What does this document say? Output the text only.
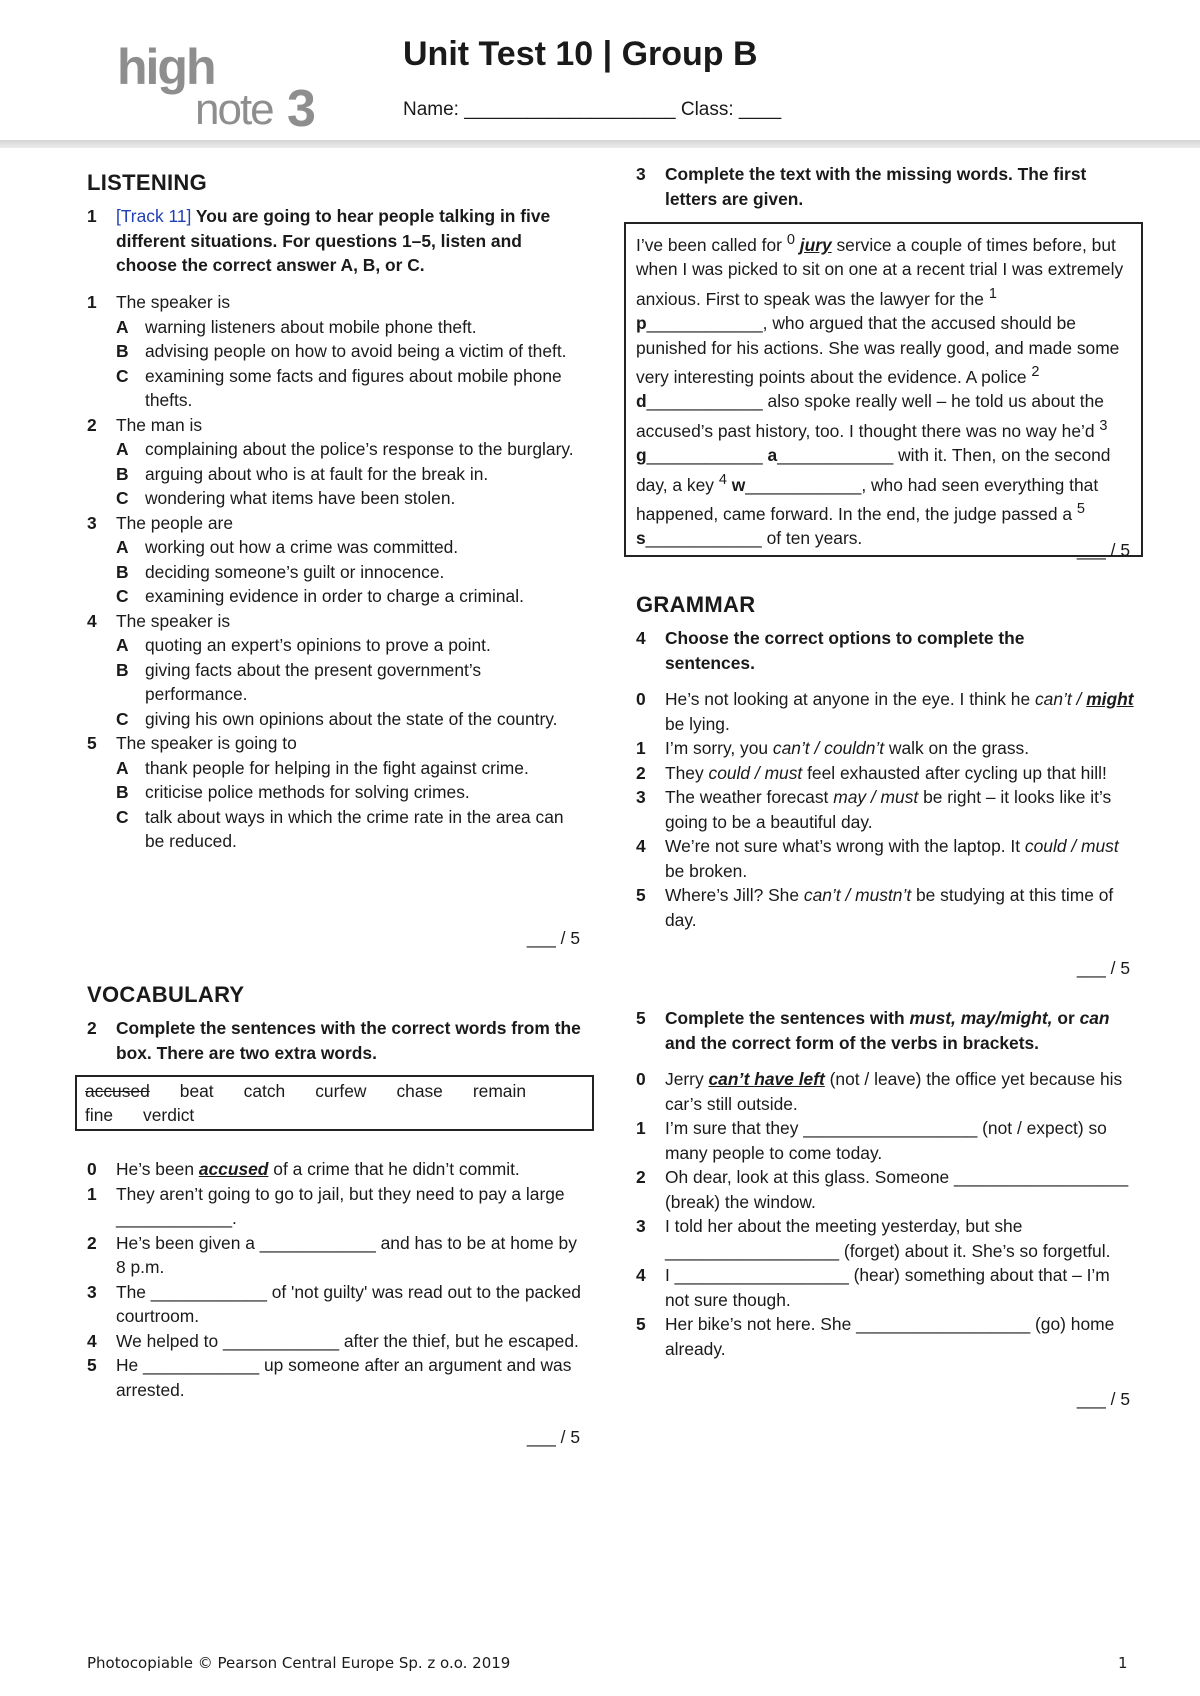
high
note 3
Unit Test 10 | Group B
Name: ____________________ Class: ____
LISTENING
1	[Track 11] You are going to hear people talking in five different situations. For questions 1–5, listen and choose the correct answer A, B, or C.
1	The speaker is
A warning listeners about mobile phone theft.
B advising people on how to avoid being a victim of theft.
C examining some facts and figures about mobile phone thefts.
2	The man is
A complaining about the police’s response to the burglary.
B arguing about who is at fault for the break in.
C wondering what items have been stolen.
3	The people are
A working out how a crime was committed.
B deciding someone’s guilt or innocence.
C examining evidence in order to charge a criminal.
4	The speaker is
A quoting an expert’s opinions to prove a point.
B giving facts about the present government’s performance.
C giving his own opinions about the state of the country.
5	The speaker is going to
A thank people for helping in the fight against crime.
B criticise police methods for solving crimes.
C talk about ways in which the crime rate in the area can be reduced.
___ / 5
VOCABULARY
2	Complete the sentences with the correct words from the box. There are two extra words.
accused beat catch curfew chase remainfine verdict
0	He’s been accused of a crime that he didn’t commit.
1	They aren’t going to go to jail, but they need to pay a large ____________.
2	He’s been given a ____________ and has to be at home by 8 p.m.
3	The ____________ of 'not guilty' was read out to the packed courtroom.
4	We helped to ____________ after the thief, but he escaped.
5	He ____________ up someone after an argument and was arrested.
___ / 5
3	Complete the text with the missing words. The first letters are given.
I’ve been called for $^0$ jury service a couple of times before, but when I was picked to sit on one at a recent trial I was extremely anxious. First to speak was the lawyer for the $^1$ p____________, who argued that the accused should be punished for his actions. She was really good, and made some very interesting points about the evidence. A police $^2$ d____________ also spoke really well – he told us about the accused’s past history, too. I thought there was no way he’d $^3$ g____________ a____________ with it. Then, on the second day, a key $^4$ w____________, who had seen everything that happened, came forward. In the end, the judge passed a $^5$ s____________ of ten years.
___ / 5
GRAMMAR
4	Choose the correct options to complete the sentences.
0	He’s not looking at anyone in the eye. I think he can’t / might be lying.
1	I’m sorry, you can’t / couldn’t walk on the grass.
2	They could / must feel exhausted after cycling up that hill!
3	The weather forecast may / must be right – it looks like it’s going to be a beautiful day.
4	We’re not sure what’s wrong with the laptop. It could / must be broken.
5	Where’s Jill? She can’t / mustn’t be studying at this time of day.
___ / 5
5	Complete the sentences with must, may/might, or can and the correct form of the verbs in brackets.
0	Jerry can’t have left (not / leave) the office yet because his car’s still outside.
1	I’m sure that they __________________ (not / expect) so many people to come today.
2	Oh dear, look at this glass. Someone __________________ (break) the window.
3	I told her about the meeting yesterday, but she __________________ (forget) about it. She’s so forgetful.
4	I __________________ (hear) something about that – I’m not sure though.
5	Her bike’s not here. She __________________ (go) home already.
___ / 5
Photocopiable © Pearson Central Europe Sp. z o.o. 2019	1
